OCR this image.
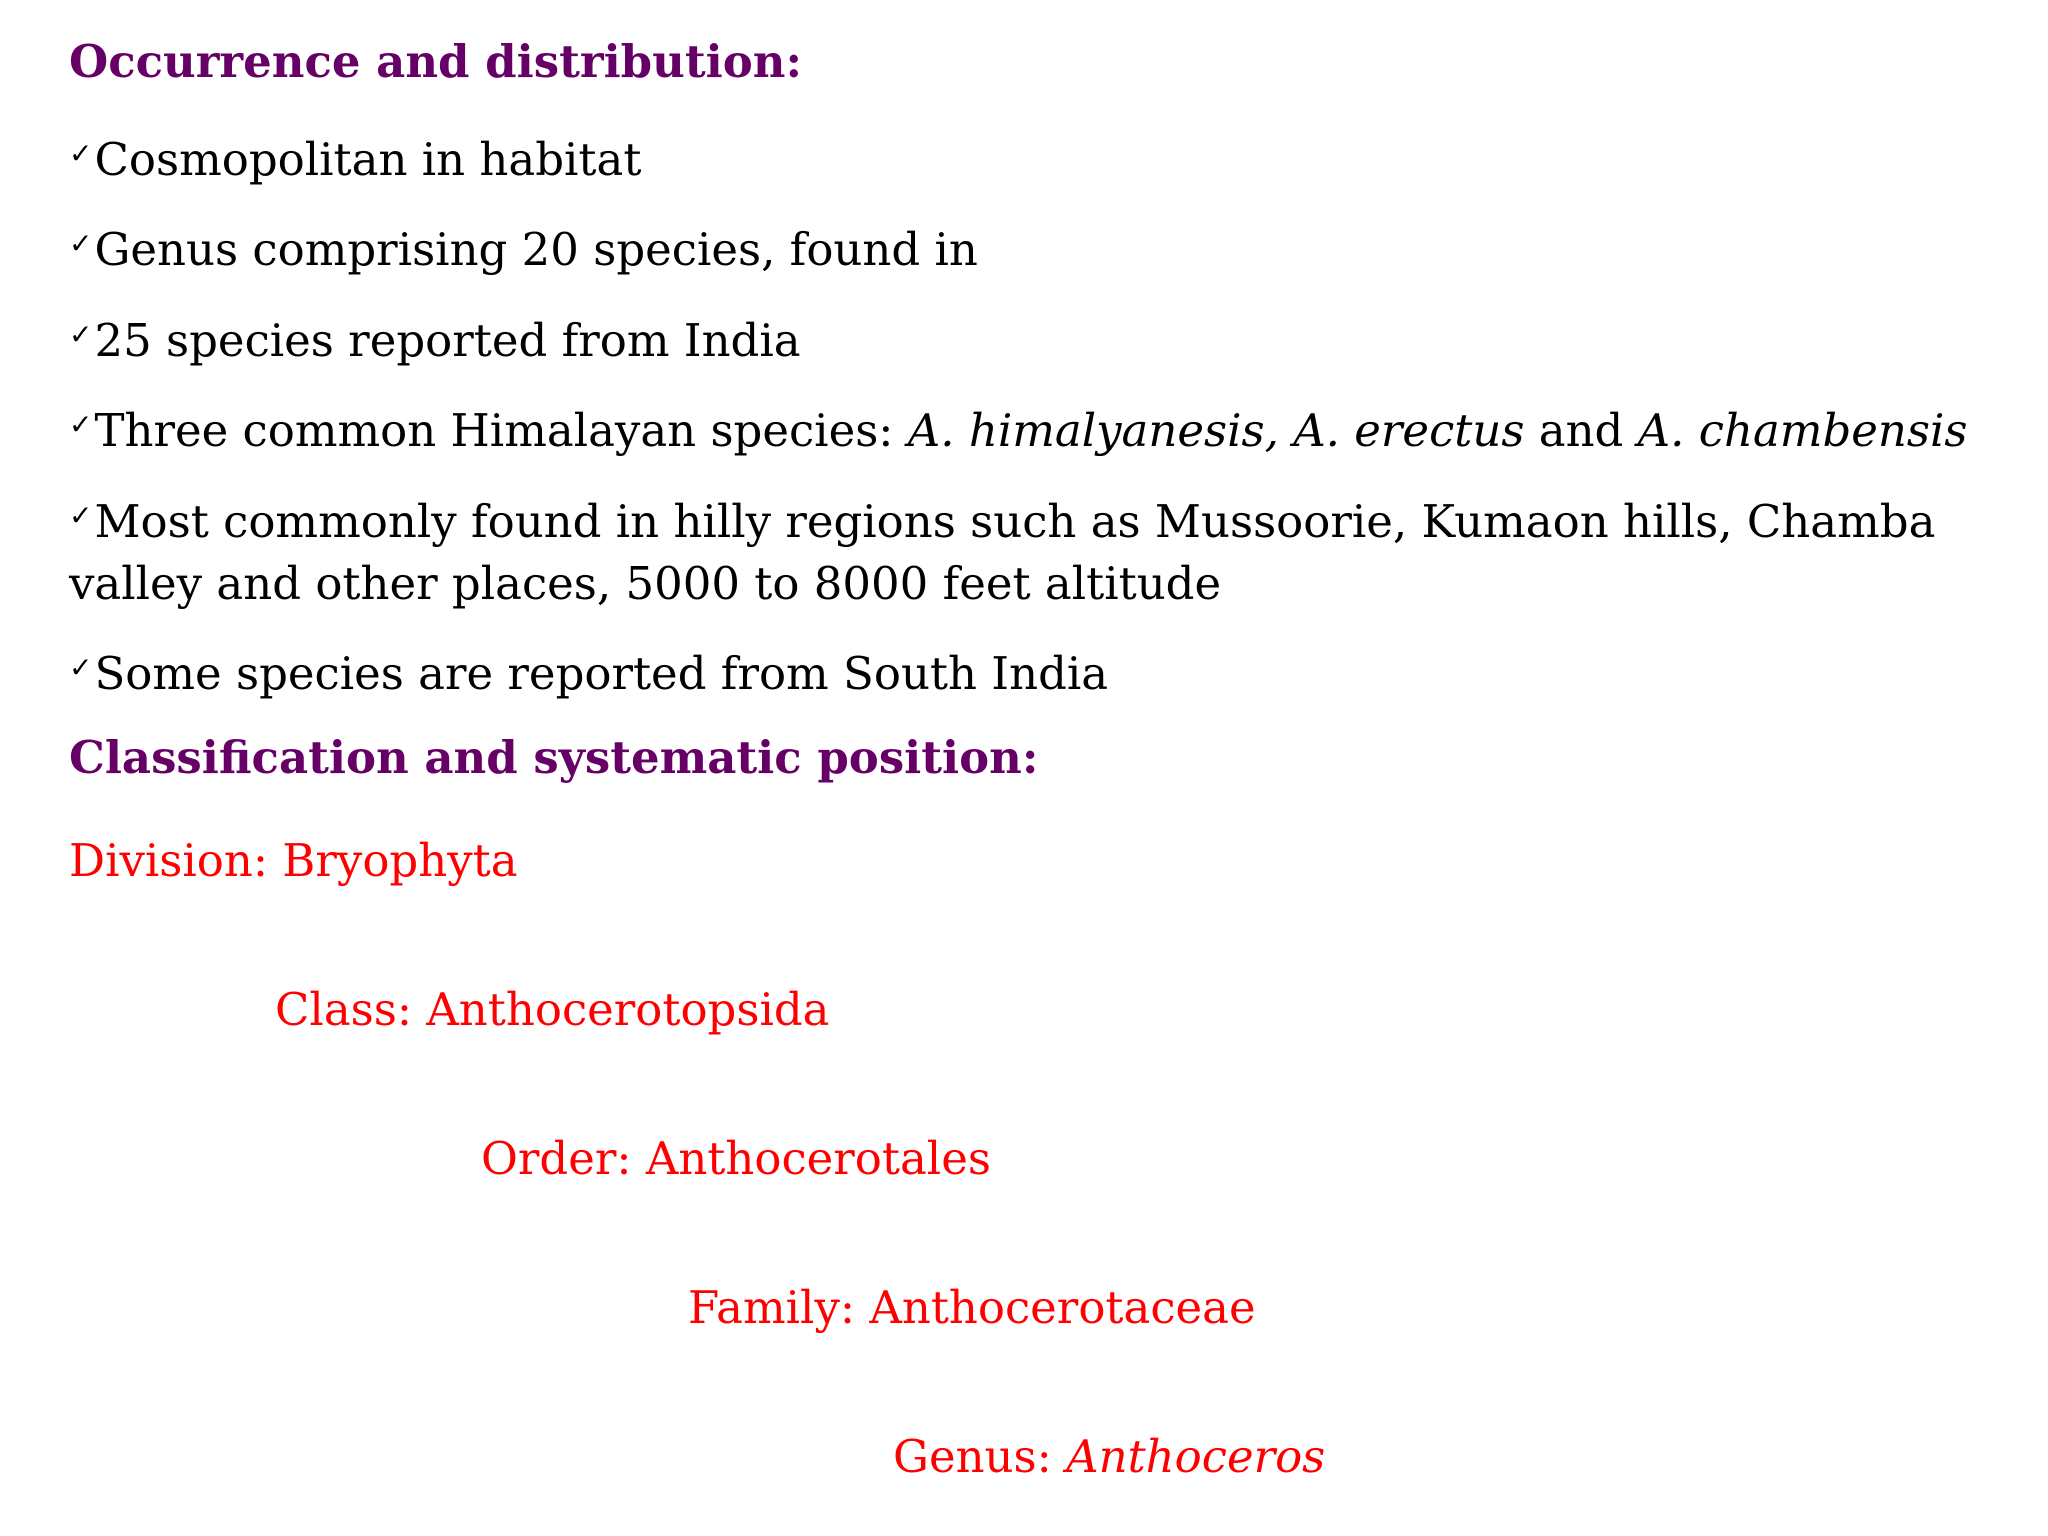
Occurrence and distribution:
✓Cosmopolitan in habitat
✓Genus comprising 20 species, found in
✓25 species reported from India
✓Three common Himalayan species: A. himalyanesis, A. erectus and A. chambensis
✓Most commonly found in hilly regions such as Mussoorie, Kumaon hills, Chamba valley and other places, 5000 to 8000 feet altitude
✓Some species are reported from South India
Classification and systematic position:
Division: Bryophyta
Class: Anthocerotopsida
Order: Anthocerotales
Family: Anthocerotaceae
Genus: Anthoceros
